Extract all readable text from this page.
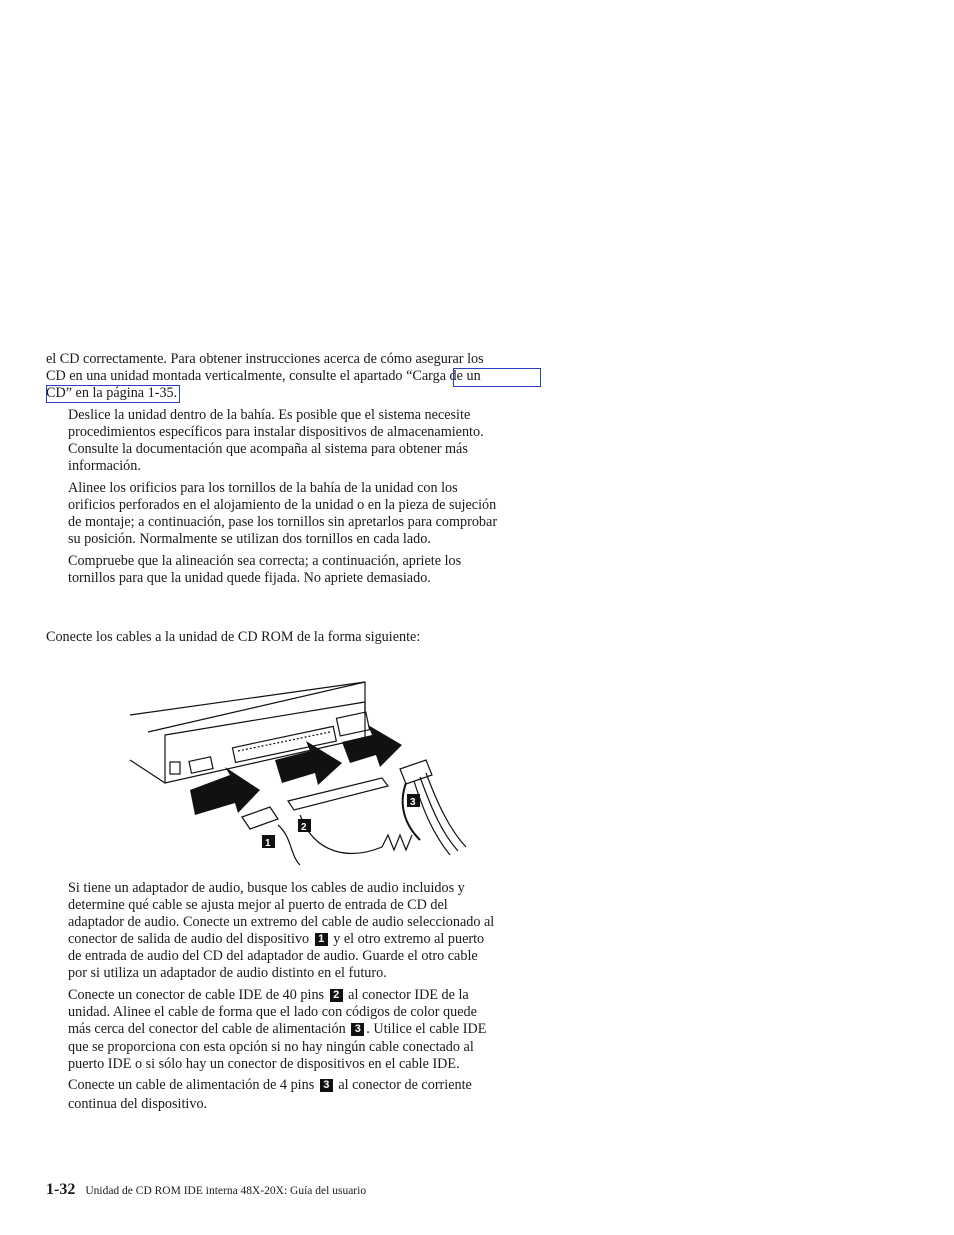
el CD correctamente. Para obtener instrucciones acerca de cómo asegurar los

CD en una unidad montada verticalmente, consulte el apartado “Carga de un

CD” en la página 1-35.

Deslice la unidad dentro de la bahía. Es posible que el sistema necesite

procedimientos específicos para instalar dispositivos de almacenamiento.

Consulte la documentación que acompaña al sistema para obtener más

información.

Alinee los orificios para los tornillos de la bahía de la unidad con los

orificios perforados en el alojamiento de la unidad o en la pieza de sujeción

de montaje; a continuación, pase los tornillos sin apretarlos para comprobar

su posición. Normalmente se utilizan dos tornillos en cada lado.

Compruebe que la alineación sea correcta; a continuación, apriete los

tornillos para que la unidad quede fijada. No apriete demasiado.

Conecte los cables a la unidad de CD ROM de la forma siguiente:

1
2
3

Si tiene un adaptador de audio, busque los cables de audio incluidos y

determine qué cable se ajusta mejor al puerto de entrada de CD del

adaptador de audio. Conecte un extremo del cable de audio seleccionado al

conector de salida de audio del dispositivo 1 y el otro extremo al puerto

de entrada de audio del CD del adaptador de audio. Guarde el otro cable

por si utiliza un adaptador de audio distinto en el futuro.

Conecte un conector de cable IDE de 40 pins 2 al conector IDE de la

unidad. Alinee el cable de forma que el lado con códigos de color quede

más cerca del conector del cable de alimentación 3 . Utilice el cable IDE

que se proporciona con esta opción si no hay ningún cable conectado al

puerto IDE o si sólo hay un conector de dispositivos en el cable IDE.

Conecte un cable de alimentación de 4 pins 3 al conector de corriente

continua del dispositivo.

1-32 Unidad de CD ROM IDE interna 48X-20X: Guía del usuario
